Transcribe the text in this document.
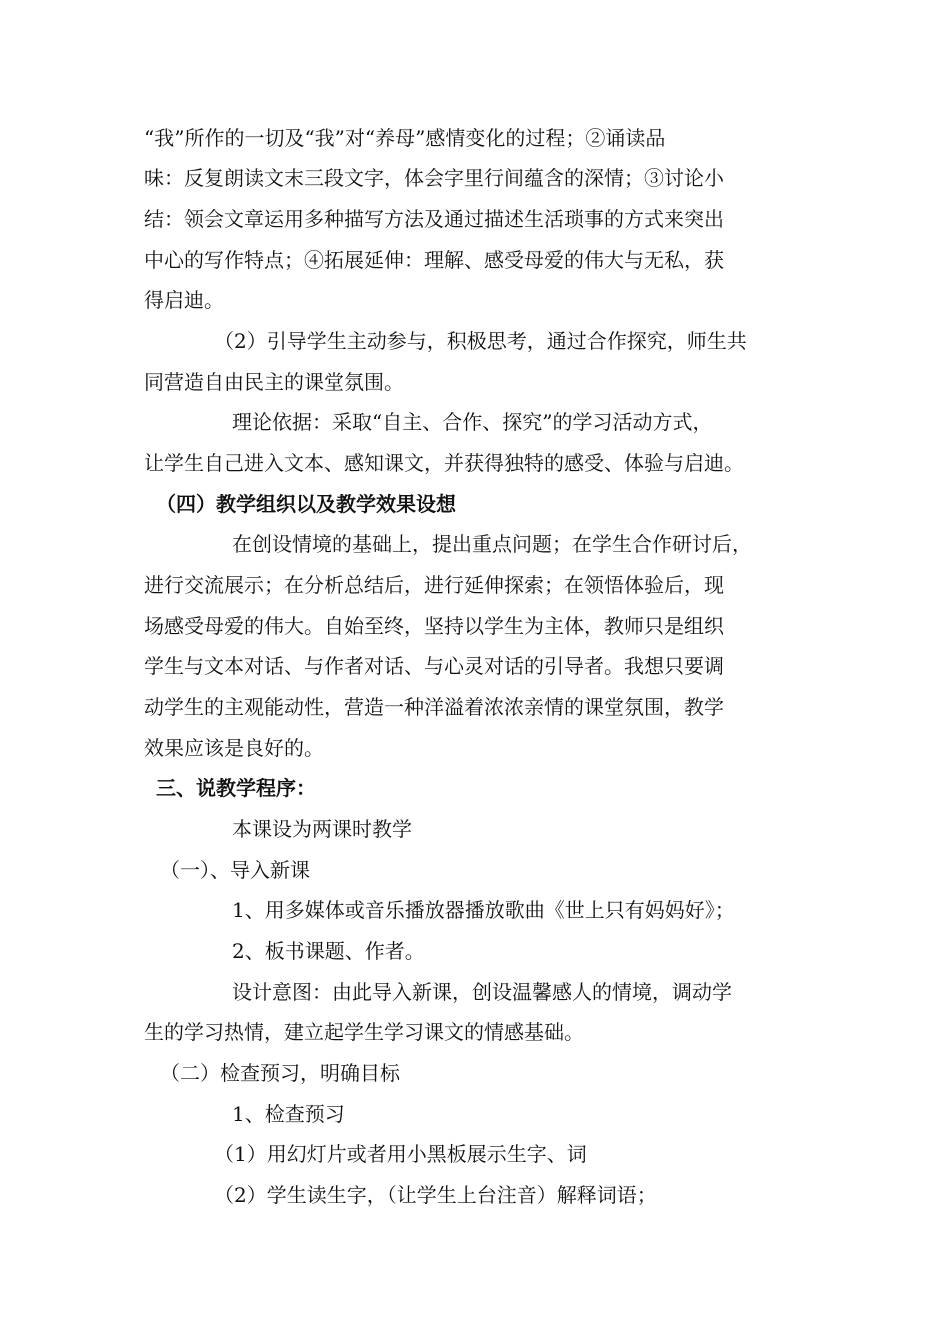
“我”所作的一切及“我”对“养母”感情变化的过程；②诵读品
味：反复朗读文末三段文字，体会字里行间蕴含的深情；③讨论小
结：领会文章运用多种描写方法及通过描述生活琐事的方式来突出
中心的写作特点；④拓展延伸：理解、感受母爱的伟大与无私，获
得启迪。
（2）引导学生主动参与，积极思考，通过合作探究，师生共
同营造自由民主的课堂氛围。
理论依据：采取“自主、合作、探究”的学习活动方式，
让学生自己进入文本、感知课文，并获得独特的感受、体验与启迪。
（四）教学组织以及教学效果设想
在创设情境的基础上，提出重点问题；在学生合作研讨后，
进行交流展示；在分析总结后，进行延伸探索；在领悟体验后，现
场感受母爱的伟大。自始至终，坚持以学生为主体，教师只是组织
学生与文本对话、与作者对话、与心灵对话的引导者。我想只要调
动学生的主观能动性，营造一种洋溢着浓浓亲情的课堂氛围，教学
效果应该是良好的。
三、说教学程序：
本课设为两课时教学
（一）、导入新课
1、用多媒体或音乐播放器播放歌曲《世上只有妈妈好》；
2、板书课题、作者。
设计意图：由此导入新课，创设温馨感人的情境，调动学
生的学习热情，建立起学生学习课文的情感基础。
（二）检查预习，明确目标
1、检查预习
（1）用幻灯片或者用小黑板展示生字、词
（2）学生读生字，（让学生上台注音）解释词语；
